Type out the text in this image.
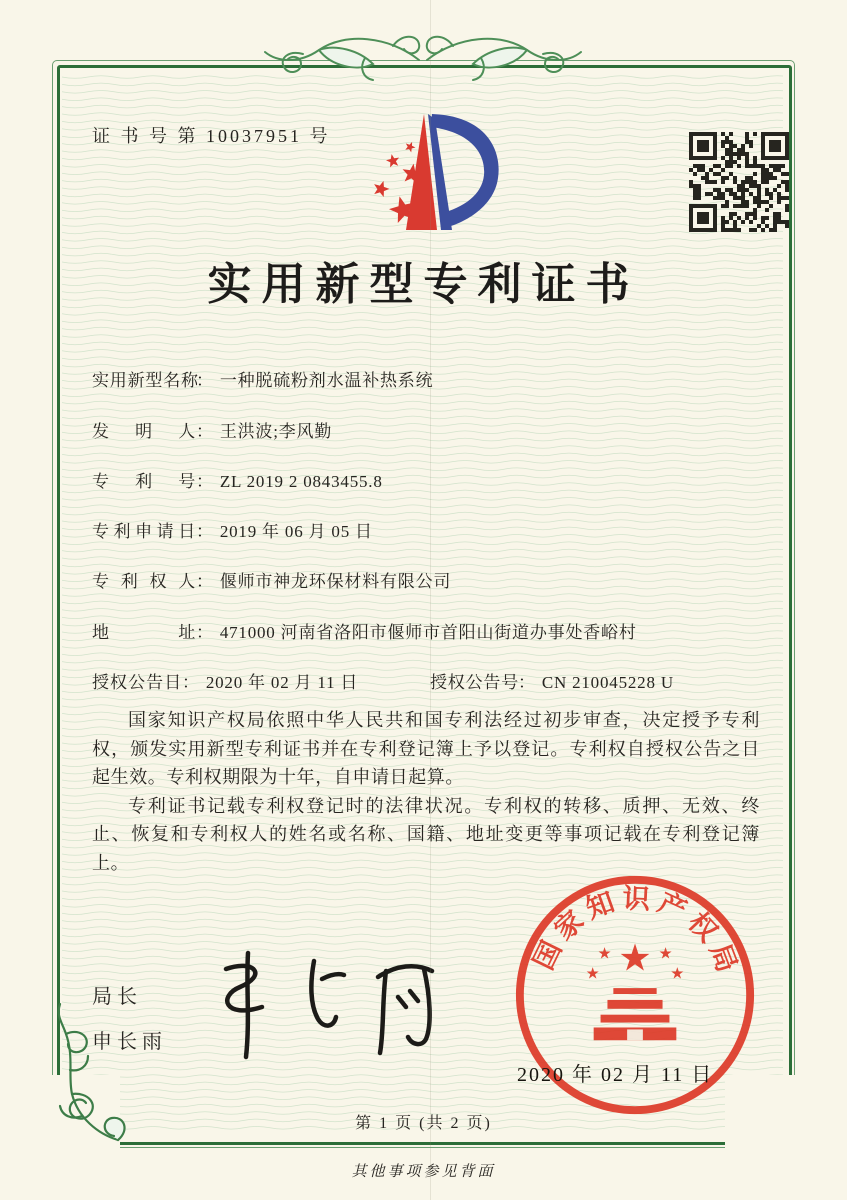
证 书 号 第 10037951 号
实用新型专利证书
实用新型名称： 一种脱硫粉剂水温补热系统
发明人： 王洪波;李风勤
专利号： ZL 2019 2 0843455.8
专利申请日： 2019 年 06 月 05 日
专利权人： 偃师市神龙环保材料有限公司
地址： 471000 河南省洛阳市偃师市首阳山街道办事处香峪村
授权公告日： 2020 年 02 月 11 日	授权公告号： CN 210045228 U

国家知识产权局依照中华人民共和国专利法经过初步审查，决定授予专利权，颁发实用新型专利证书并在专利登记簿上予以登记。专利权自授权公告之日起生效。专利权期限为十年，自申请日起算。

专利证书记载专利权登记时的法律状况。专利权的转移、质押、无效、终止、恢复和专利权人的姓名或名称、国籍、地址变更等事项记载在专利登记簿上。

局长
申长雨
国家知识产权局
★
★	★
★	★
2020 年 02 月 11 日
第 1 页 (共 2 页)
其他事项参见背面
